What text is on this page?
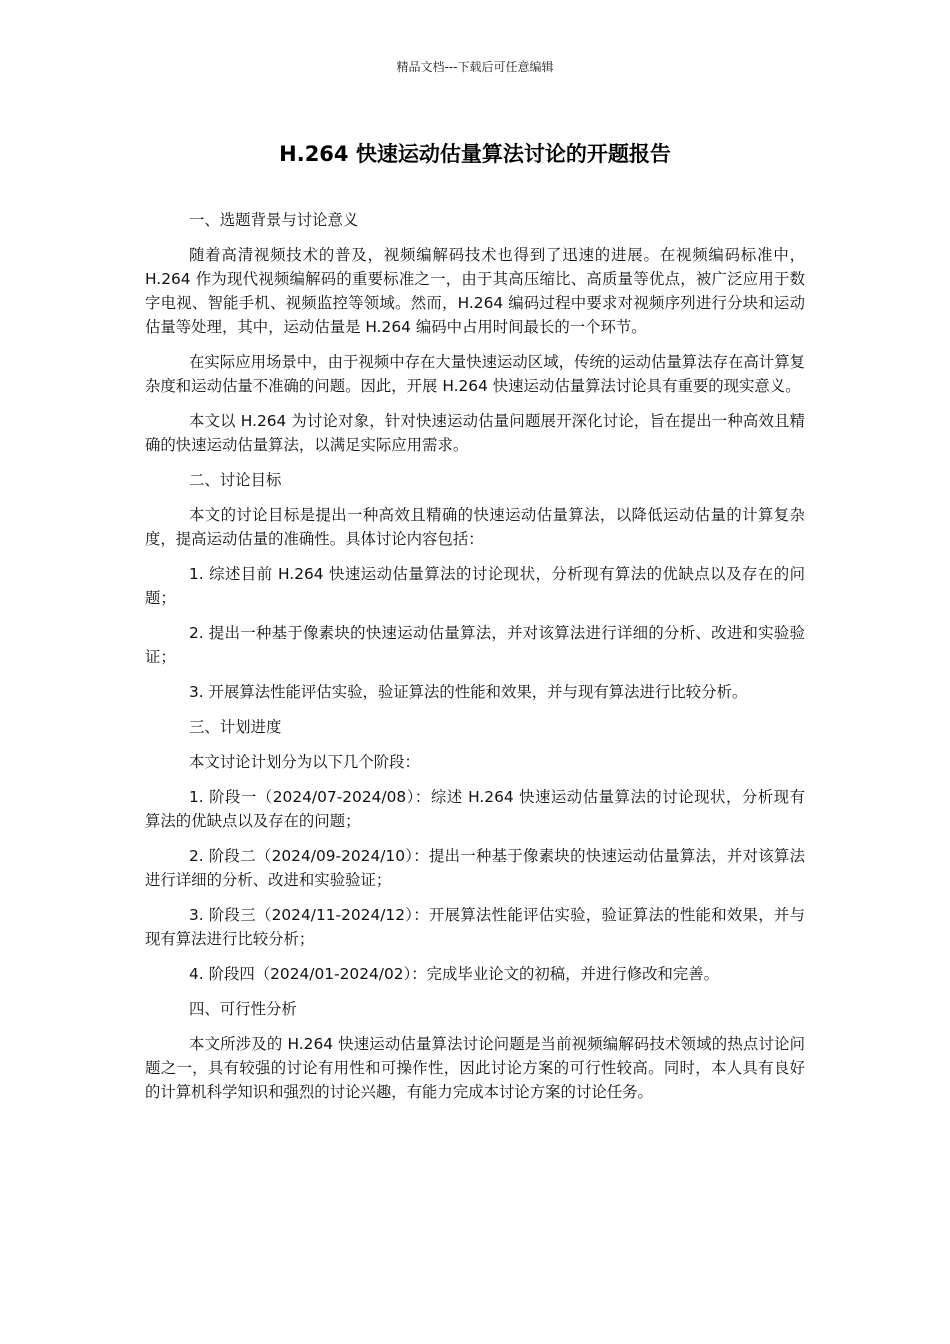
精品文档---下载后可任意编辑
H.264 快速运动估量算法讨论的开题报告
一、选题背景与讨论意义

随着高清视频技术的普及，视频编解码技术也得到了迅速的进展。在视频编码标准中，H.264 作为现代视频编解码的重要标准之一，由于其高压缩比、高质量等优点，被广泛应用于数字电视、智能手机、视频监控等领域。然而，H.264 编码过程中要求对视频序列进行分块和运动估量等处理，其中，运动估量是 H.264 编码中占用时间最长的一个环节。

在实际应用场景中，由于视频中存在大量快速运动区域，传统的运动估量算法存在高计算复杂度和运动估量不准确的问题。因此，开展 H.264 快速运动估量算法讨论具有重要的现实意义。

本文以 H.264 为讨论对象，针对快速运动估量问题展开深化讨论，旨在提出一种高效且精确的快速运动估量算法，以满足实际应用需求。

二、讨论目标

本文的讨论目标是提出一种高效且精确的快速运动估量算法，以降低运动估量的计算复杂度，提高运动估量的准确性。具体讨论内容包括：

1. 综述目前 H.264 快速运动估量算法的讨论现状，分析现有算法的优缺点以及存在的问题；

2. 提出一种基于像素块的快速运动估量算法，并对该算法进行详细的分析、改进和实验验证；

3. 开展算法性能评估实验，验证算法的性能和效果，并与现有算法进行比较分析。

三、计划进度

本文讨论计划分为以下几个阶段：

1. 阶段一（2024/07-2024/08）：综述 H.264 快速运动估量算法的讨论现状，分析现有算法的优缺点以及存在的问题；

2. 阶段二（2024/09-2024/10）：提出一种基于像素块的快速运动估量算法，并对该算法进行详细的分析、改进和实验验证；

3. 阶段三（2024/11-2024/12）：开展算法性能评估实验，验证算法的性能和效果，并与现有算法进行比较分析；

4. 阶段四（2024/01-2024/02）：完成毕业论文的初稿，并进行修改和完善。

四、可行性分析

本文所涉及的 H.264 快速运动估量算法讨论问题是当前视频编解码技术领域的热点讨论问题之一，具有较强的讨论有用性和可操作性，因此讨论方案的可行性较高。同时，本人具有良好的计算机科学知识和强烈的讨论兴趣，有能力完成本讨论方案的讨论任务。
